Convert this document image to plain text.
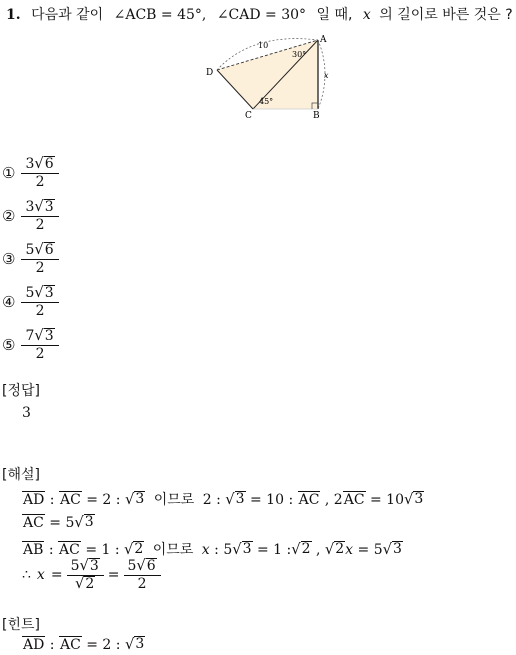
1. 다음과 같이 ∠ACB = 45°, ∠CAD = 30° 일 때, x 의 길이로 바른 것은 ?
A
B
C
D
10
x
30°
45°
① $\frac{3 √ 6}{2}$
② $\frac{3 √ 3}{2}$
③ $\frac{5 √ 6}{2}$
④ $\frac{5 √ 3}{2}$
⑤ $\frac{7 √ 3}{2}$
[정답]
3
[해설]
AD : AC = 2 : √ 3 이므로 2 : √ 3 = 10 : AC , 2AC = 10 √ 3
AC = 5 √ 3
AB : AC = 1 : √ 2 이므로 x : 5 √ 3 = 1 : √ 2 , √ 2 x = 5 √ 3
∴ $x = \frac{5 √ 3}{√ 2} = \frac{5 √ 6}{2}$
[힌트]
AD : AC = 2 : √ 3
